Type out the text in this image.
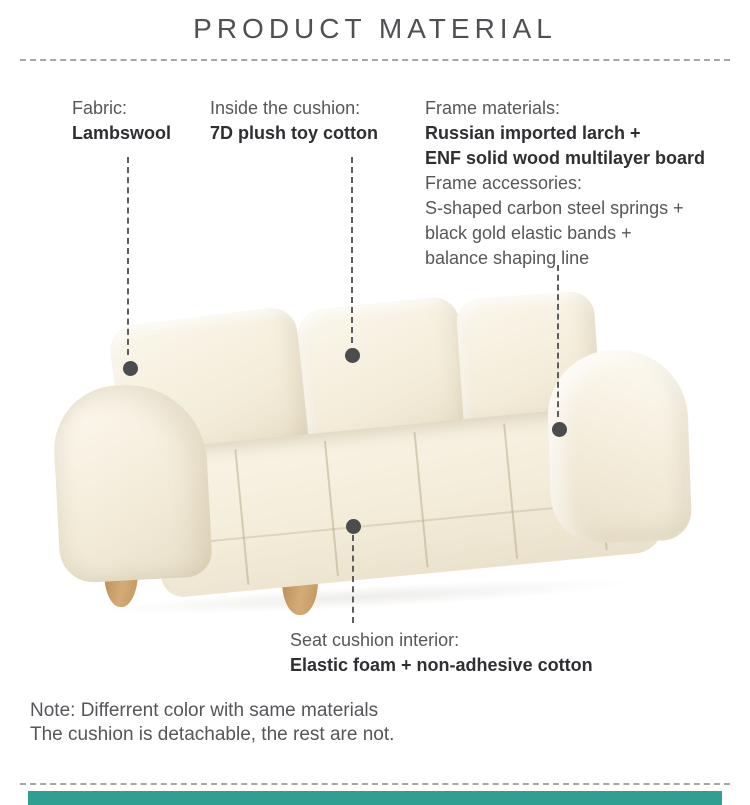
PRODUCT MATERIAL
Fabric:
Lambswool
Inside the cushion:
7D plush toy cotton
Frame materials:
Russian imported larch +
ENF solid wood multilayer board
Frame accessories:
S-shaped carbon steel springs +
black gold elastic bands +
balance shaping line
Seat cushion interior:
Elastic foam + non-adhesive cotton
Note: Differrent color with same materials
The cushion is detachable, the rest are not.
